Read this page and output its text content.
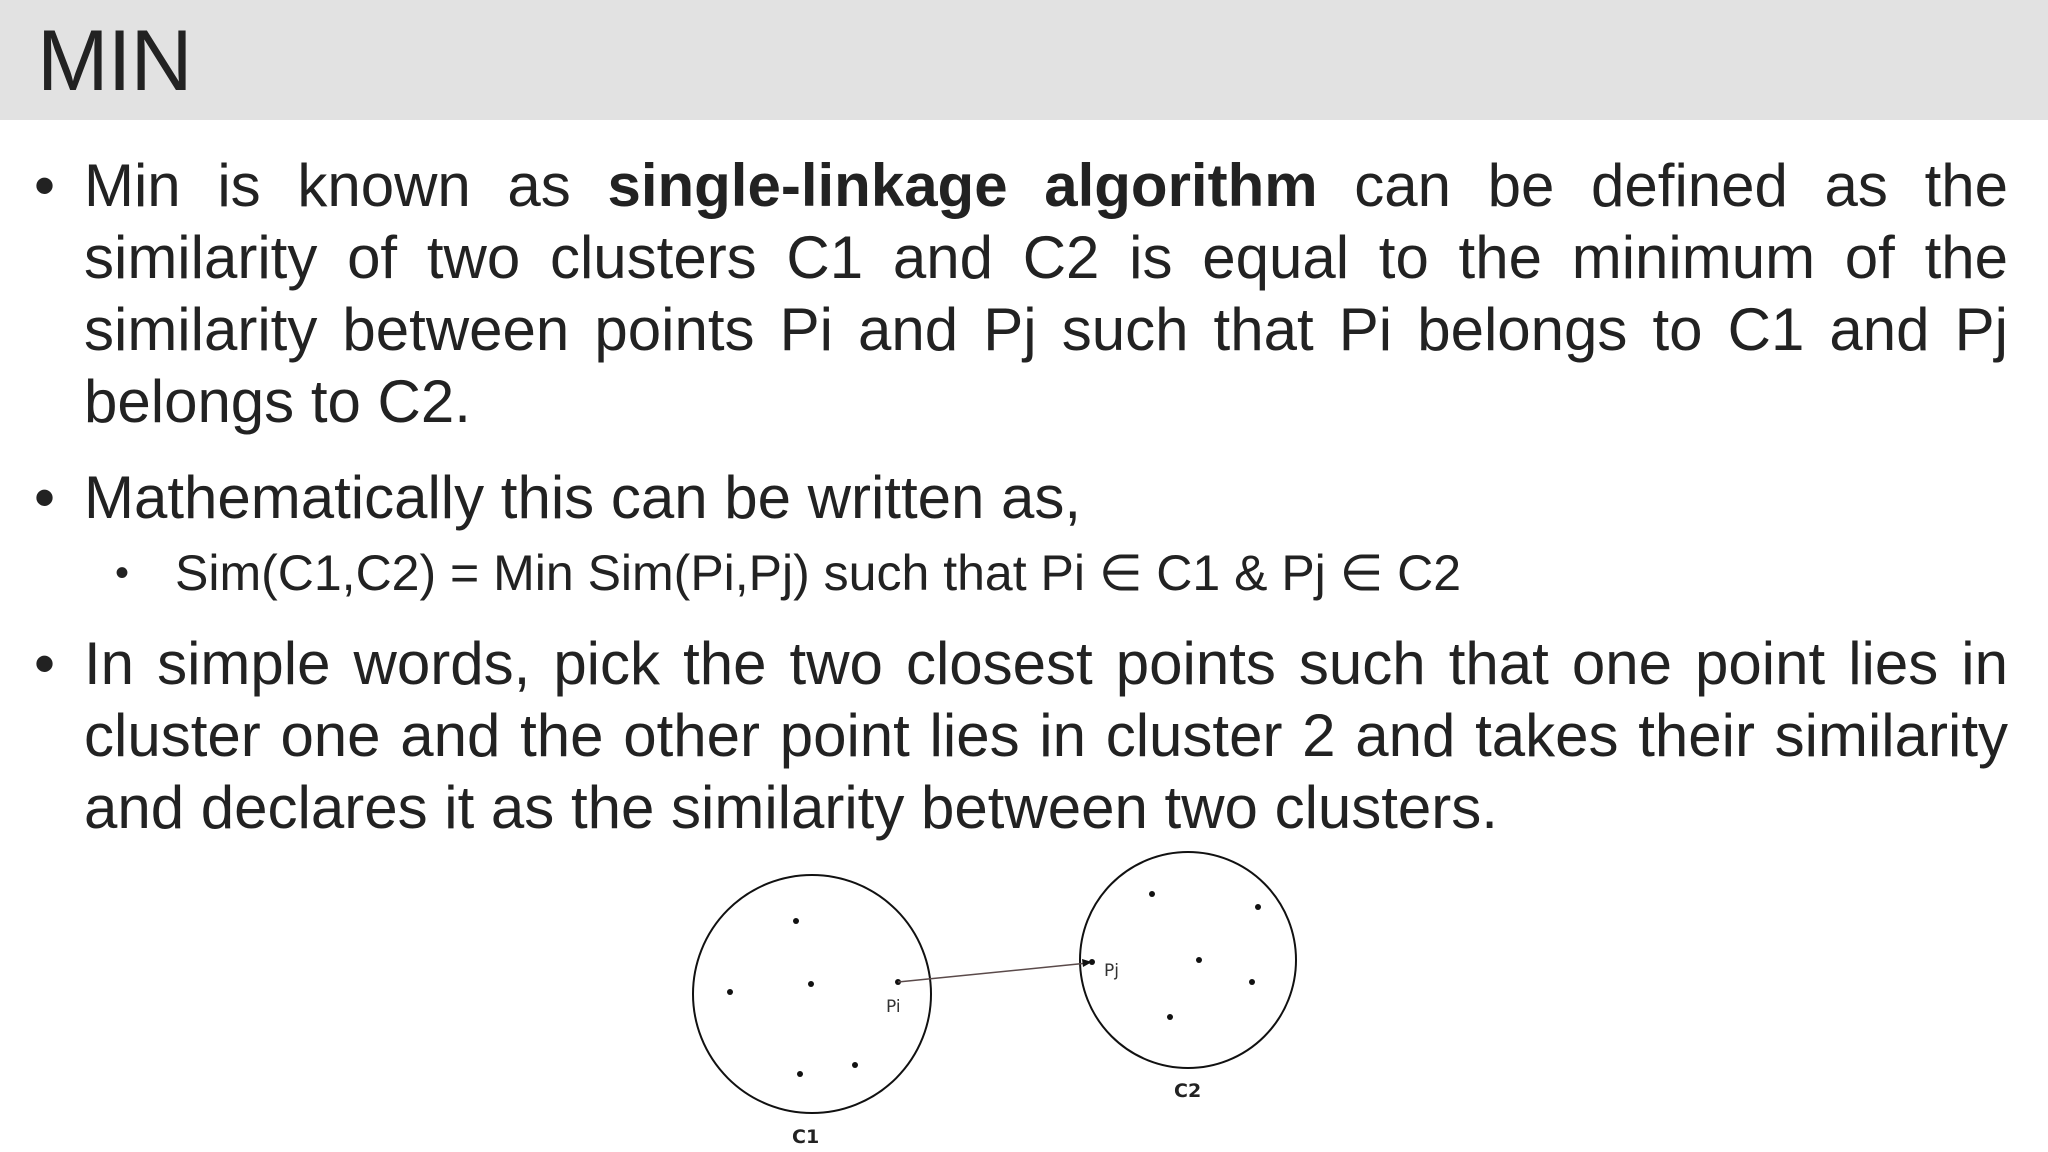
MIN
• Min is known as single-linkage algorithm can be defined as the similarity of two clusters C1 and C2 is equal to the minimum of the similarity between points Pi and Pj such that Pi belongs to C1 and Pj belongs to C2.
• Mathematically this can be written as,
• Sim(C1,C2) = Min Sim(Pi,Pj) such that Pi ∈ C1 & Pj ∈ C2
• In simple words, pick the two closest points such that one point lies in cluster one and the other point lies in cluster 2 and takes their similarity and declares it as the similarity between two clusters.
Pi
Pj
C2
C1
